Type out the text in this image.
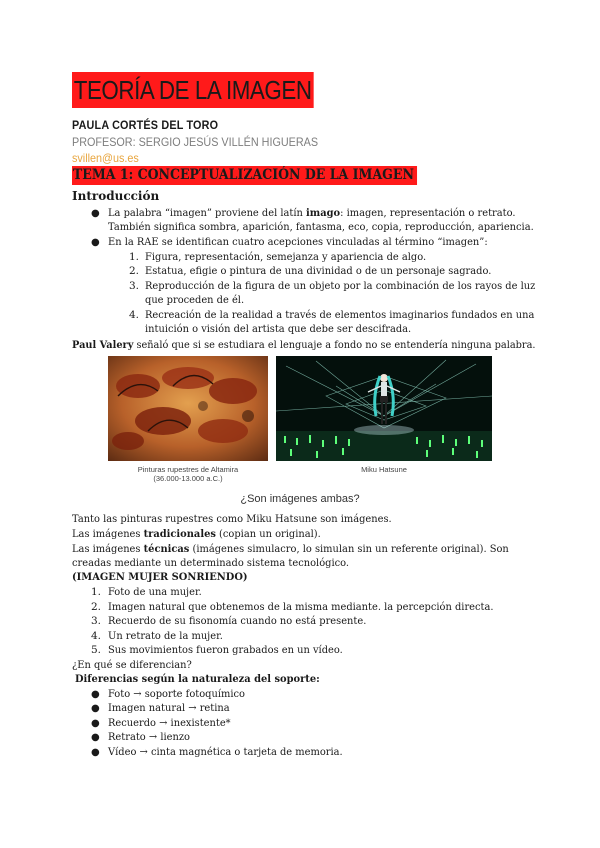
TEORÍA DE LA IMAGEN
PAULA CORTÉS DEL TORO
PROFESOR: SERGIO JESÚS VILLÉN HIGUERAS
svillen@us.es
TEMA 1: CONCEPTUALIZACIÓN DE LA IMAGEN
Introducción
● La palabra “imagen” proviene del latín imago: imagen, representación o retrato.
También significa sombra, aparición, fantasma, eco, copia, reproducción, apariencia.
● En la RAE se identifican cuatro acepciones vinculadas al término “imagen”:
1. Figura, representación, semejanza y apariencia de algo.
2. Estatua, efigie o pintura de una divinidad o de un personaje sagrado.
3. Reproducción de la figura de un objeto por la combinación de los rayos de luz
que proceden de él.
4. Recreación de la realidad a través de elementos imaginarios fundados en una
intuición o visión del artista que debe ser descifrada.
Paul Valery señaló que si se estudiara el lenguaje a fondo no se entendería ninguna palabra.
Pinturas rupestres de Altamira
(36.000-13.000 a.C.)
Miku Hatsune
¿Son imágenes ambas?
Tanto las pinturas rupestres como Miku Hatsune son imágenes.
Las imágenes tradicionales (copian un original).
Las imágenes técnicas (imágenes simulacro, lo simulan sin un referente original). Son
creadas mediante un determinado sistema tecnológico.
(IMAGEN MUJER SONRIENDO)
1. Foto de una mujer.
2. Imagen natural que obtenemos de la misma mediante. la percepción directa.
3. Recuerdo de su fisonomía cuando no está presente.
4. Un retrato de la mujer.
5. Sus movimientos fueron grabados en un vídeo.
¿En qué se diferencian?
Diferencias según la naturaleza del soporte:
● Foto → soporte fotoquímico
● Imagen natural → retina
● Recuerdo → inexistente*
● Retrato → lienzo
● Vídeo → cinta magnética o tarjeta de memoria.
